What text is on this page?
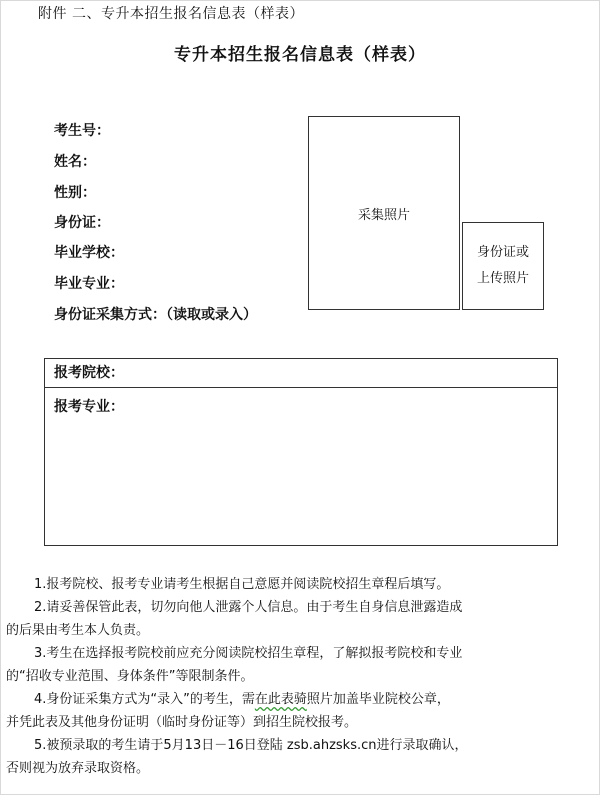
附件 二、专升本招生报名信息表（样表）
专升本招生报名信息表（样表）
考生号：
姓名：
性别：
身份证：
毕业学校：
毕业专业：
身份证采集方式：（读取或录入）
采集照片
身份证或
上传照片
报考院校：
报考专业：

1.报考院校、报考专业请考生根据自己意愿并阅读院校招生章程后填写。

2.请妥善保管此表，切勿向他人泄露个人信息。由于考生自身信息泄露造成

的后果由考生本人负责。

3.考生在选择报考院校前应充分阅读院校招生章程，了解拟报考院校和专业

的“招收专业范围、身体条件”等限制条件。

4.身份证采集方式为“录入”的考生，需在此表骑照片加盖毕业院校公章，

并凭此表及其他身份证明（临时身份证等）到招生院校报考。

5.被预录取的考生请于5月13日－16日登陆 zsb.ahzsks.cn进行录取确认，

否则视为放弃录取资格。
